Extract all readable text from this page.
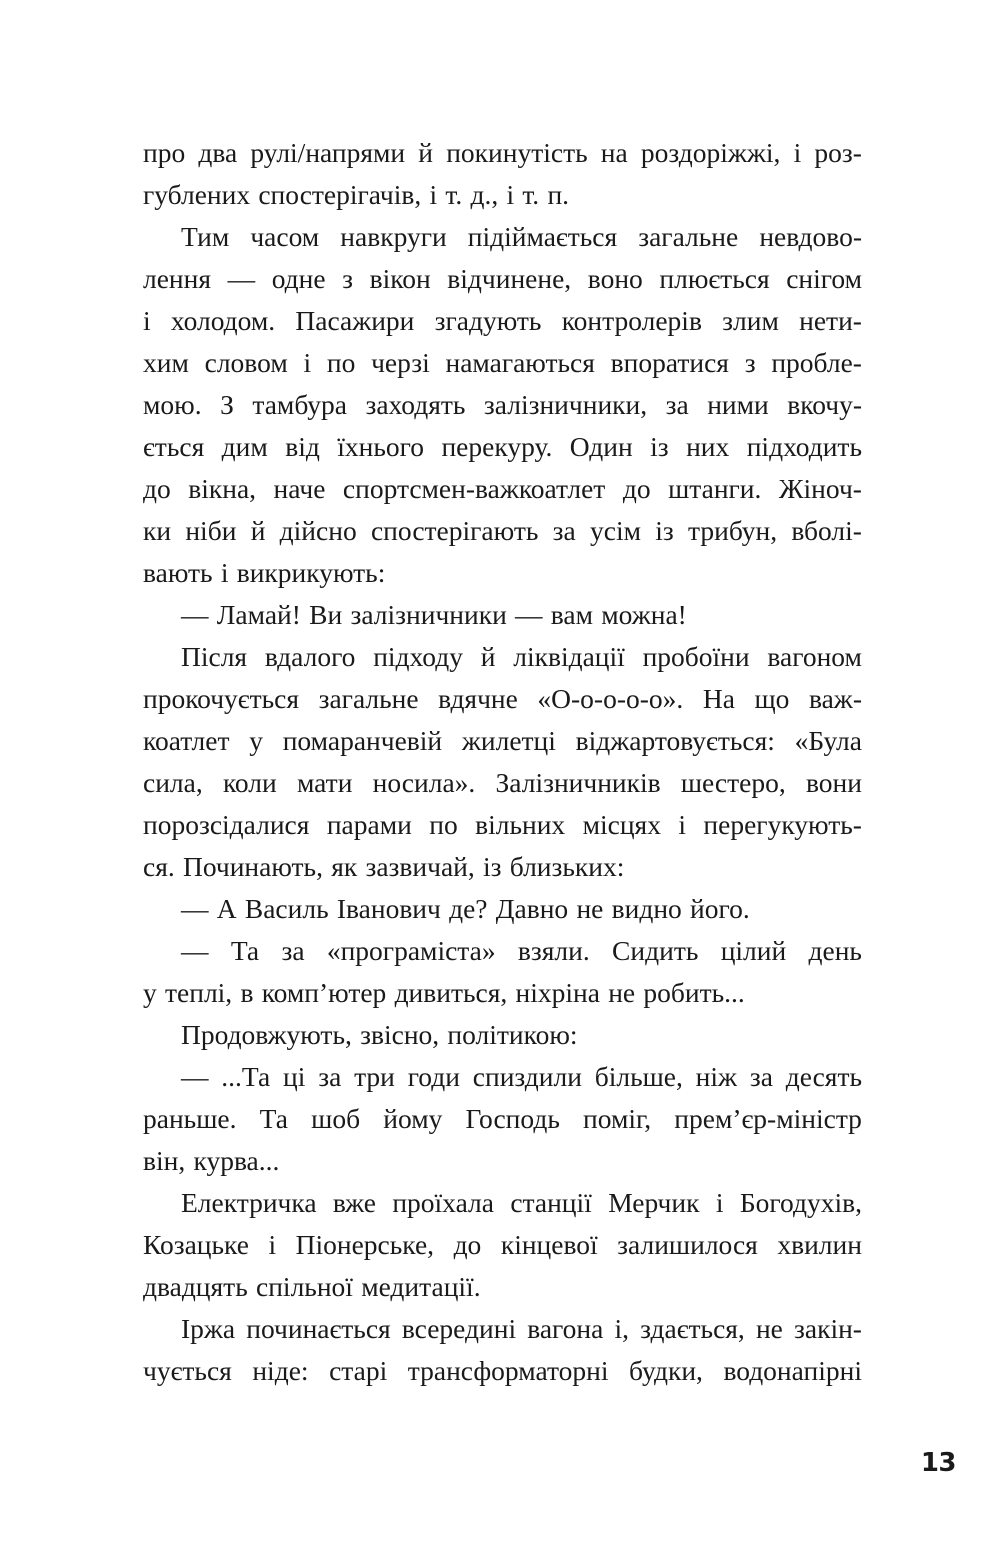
про два рулі/напрями й покинутість на роздоріжжі, і роз-
гублених спостерігачів, і т. д., і т. п.
Тим часом навкруги підіймається загальне невдово-
лення — одне з вікон відчинене, воно плюється снігом
і холодом. Пасажири згадують контролерів злим нети-
хим словом і по черзі намагаються впоратися з пробле-
мою. З тамбура заходять залізничники, за ними вкочу-
ється дим від їхнього перекуру. Один із них підходить
до вікна, наче спортсмен-важкоатлет до штанги. Жіноч-
ки ніби й дійсно спостерігають за усім із трибун, вболі-
вають і викрикують:
— Ламай! Ви залізничники — вам можна!
Після вдалого підходу й ліквідації пробоїни вагоном
прокочується загальне вдячне «О-о-о-о-о». На що важ-
коатлет у помаранчевій жилетці віджартовується: «Була
сила, коли мати носила». Залізничників шестеро, вони
порозсідалися парами по вільних місцях і перегукують-
ся. Починають, як зазвичай, із близьких:
— А Василь Іванович де? Давно не видно його.
— Та за «програміста» взяли. Сидить цілий день
у теплі, в комп’ютер дивиться, ніхріна не робить...
Продовжують, звісно, політикою:
— ...Та ці за три годи спиздили більше, ніж за десять
раньше. Та шоб йому Господь поміг, прем’єр-міністр
він, курва...
Електричка вже проїхала станції Мерчик і Богодухів,
Козацьке і Піонерське, до кінцевої залишилося хвилин
двадцять спільної медитації.
Іржа починається всередині вагона і, здається, не закін-
чується ніде: старі трансформаторні будки, водонапірні
13
